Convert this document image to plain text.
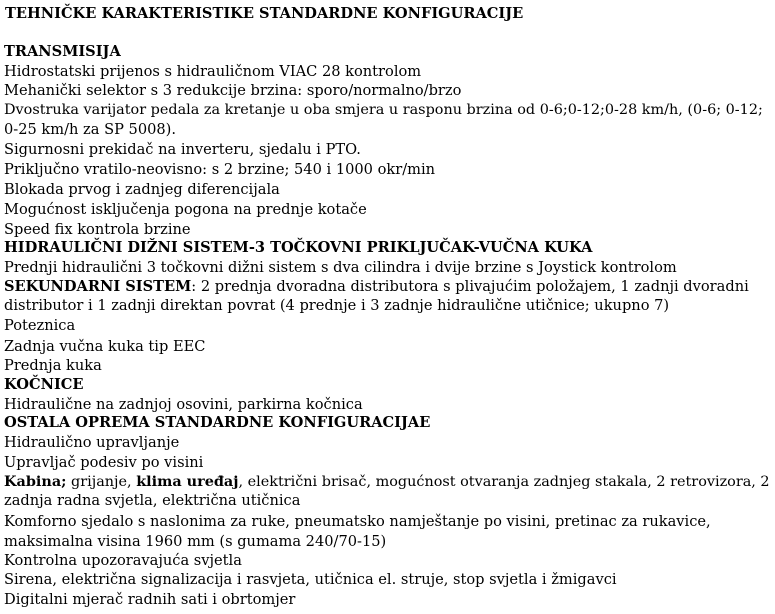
TEHNIČKE KARAKTERISTIKE STANDARDNE KONFIGURACIJE
TRANSMISIJA
Hidrostatski prijenos s hidrauličnom VIAC 28 kontrolom
Mehanički selektor s 3 redukcije brzina: sporo/normalno/brzo
Dvostruka varijator pedala za kretanje u oba smjera u rasponu brzina od 0-6;0-12;0-28 km/h, (0-6; 0-12;
0-25 km/h za SP 5008).
Sigurnosni prekidač na inverteru, sjedalu i PTO.
Priključno vratilo-neovisno: s 2 brzine; 540 i 1000 okr/min
Blokada prvog i zadnjeg diferencijala
Mogućnost isključenja pogona na prednje kotače
Speed fix kontrola brzine
HIDRAULIČNI DIŽNI SISTEM-3 TOČKOVNI PRIKLJUČAK-VUČNA KUKA
Prednji hidraulični 3 točkovni dižni sistem s dva cilindra i dvije brzine s Joystick kontrolom
SEKUNDARNI SISTEM: 2 prednja dvoradna distributora s plivajućim položajem, 1 zadnji dvoradni
distributor i 1 zadnji direktan povrat (4 prednje i 3 zadnje hidraulične utičnice; ukupno 7)
Poteznica
Zadnja vučna kuka tip EEC
Prednja kuka
KOČNICE
Hidraulične na zadnjoj osovini, parkirna kočnica
OSTALA OPREMA STANDARDNE KONFIGURACIJAE
Hidraulično upravljanje
Upravljač podesiv po visini
Kabina; grijanje, klima uređaj, električni brisač, mogućnost otvaranja zadnjeg stakala, 2 retrovizora, 2
zadnja radna svjetla, električna utičnica
Komforno sjedalo s naslonima za ruke, pneumatsko namještanje po visini, pretinac za rukavice,
maksimalna visina 1960 mm (s gumama 240/70-15)
Kontrolna upozoravajuća svjetla
Sirena, električna signalizacija i rasvjeta, utičnica el. struje, stop svjetla i žmigavci
Digitalni mjerač radnih sati i obrtomjer
